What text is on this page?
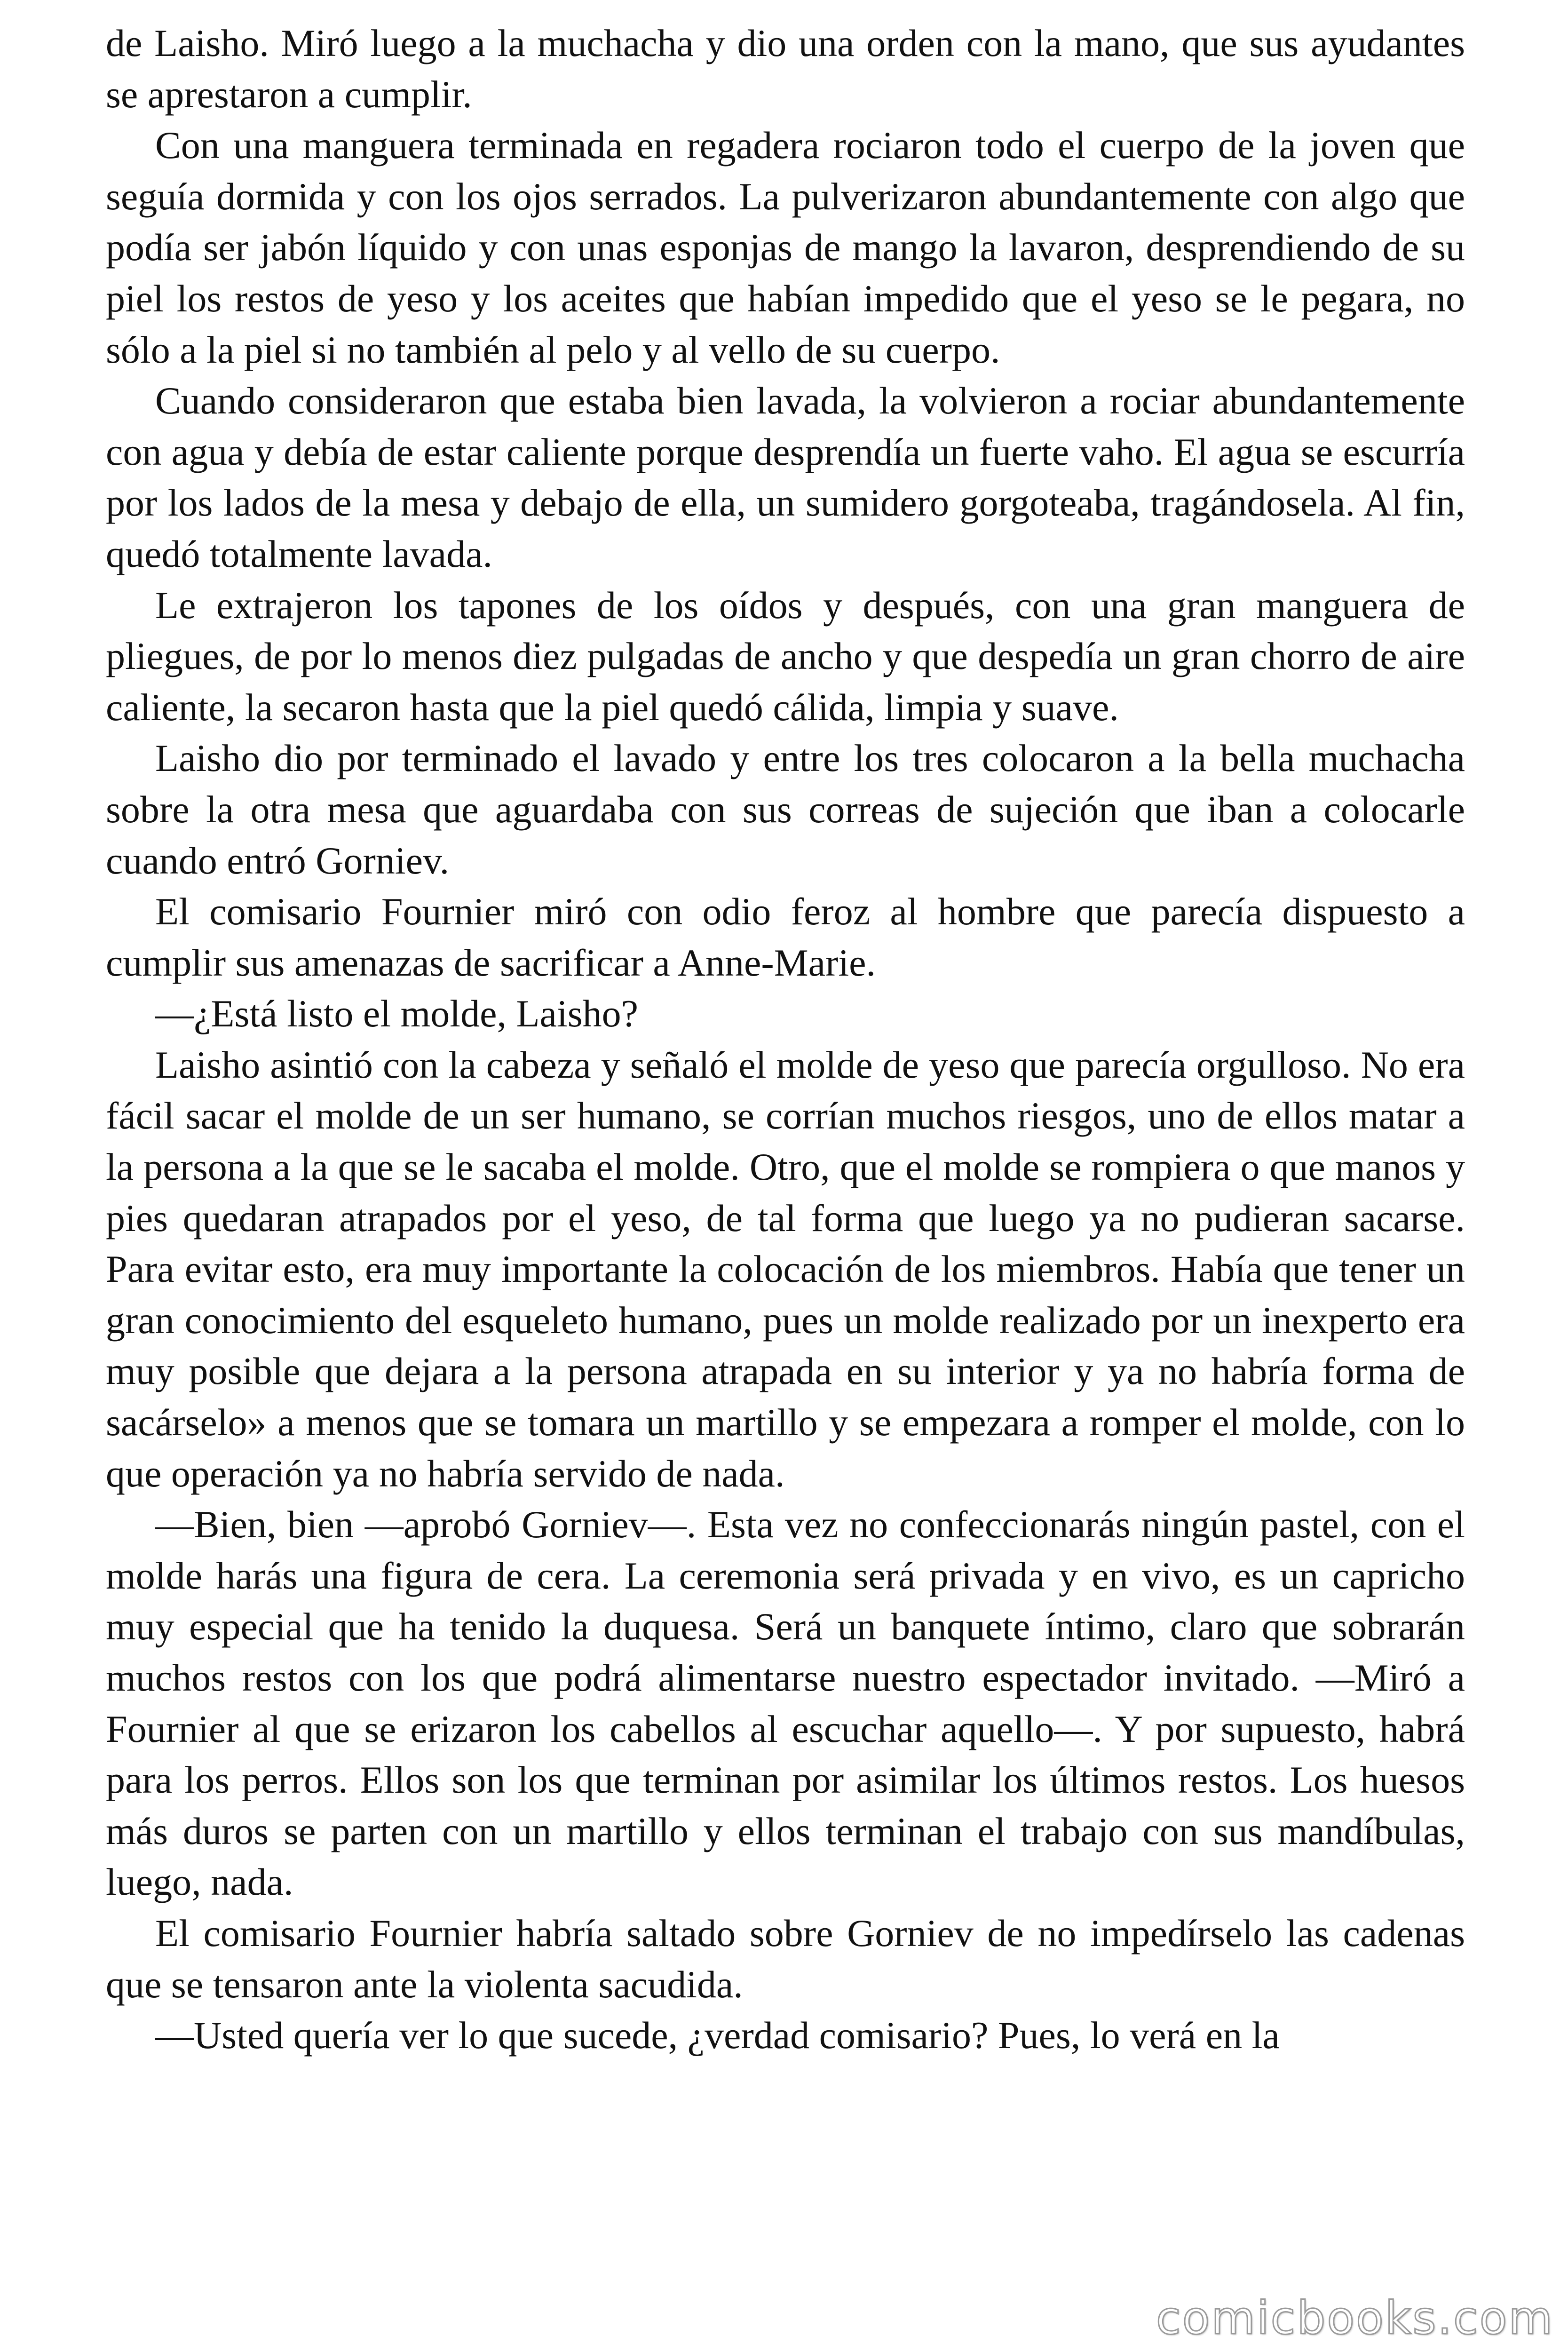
de Laisho. Miró luego a la muchacha y dio una orden con la mano, que sus ayudantes se aprestaron a cumplir.

Con una manguera terminada en regadera rociaron todo el cuerpo de la joven que seguía dormida y con los ojos serrados. La pulverizaron abundantemente con algo que podía ser jabón líquido y con unas esponjas de mango la lavaron, desprendiendo de su piel los restos de yeso y los aceites que habían impedido que el yeso se le pegara, no sólo a la piel si no también al pelo y al vello de su cuerpo.

Cuando consideraron que estaba bien lavada, la volvieron a rociar abundantemente con agua y debía de estar caliente porque desprendía un fuerte vaho. El agua se escurría por los lados de la mesa y debajo de ella, un sumidero gorgoteaba, tragándosela. Al fin, quedó totalmente lavada.

Le extrajeron los tapones de los oídos y después, con una gran manguera de pliegues, de por lo menos diez pulgadas de ancho y que despedía un gran chorro de aire caliente, la secaron hasta que la piel quedó cálida, limpia y suave.

Laisho dio por terminado el lavado y entre los tres colocaron a la bella muchacha sobre la otra mesa que aguardaba con sus correas de sujeción que iban a colocarle cuando entró Gorniev.

El comisario Fournier miró con odio feroz al hombre que parecía dispuesto a cumplir sus amenazas de sacrificar a Anne-Marie.

—¿Está listo el molde, Laisho?

Laisho asintió con la cabeza y señaló el molde de yeso que parecía orgulloso. No era fácil sacar el molde de un ser humano, se corrían muchos riesgos, uno de ellos matar a la persona a la que se le sacaba el molde. Otro, que el molde se rompiera o que manos y pies quedaran atrapados por el yeso, de tal forma que luego ya no pudieran sacarse. Para evitar esto, era muy importante la colocación de los miembros. Había que tener un gran conocimiento del esqueleto humano, pues un molde realizado por un inexperto era muy posible que dejara a la persona atrapada en su interior y ya no habría forma de sacárselo» a menos que se tomara un martillo y se empezara a romper el molde, con lo que operación ya no habría servido de nada.

—Bien, bien —aprobó Gorniev—. Esta vez no confeccionarás ningún pastel, con el molde harás una figura de cera. La ceremonia será privada y en vivo, es un capricho muy especial que ha tenido la duquesa. Será un banquete íntimo, claro que sobrarán muchos restos con los que podrá alimentarse nuestro espectador invitado. —Miró a Fournier al que se erizaron los cabellos al escuchar aquello—. Y por supuesto, habrá para los perros. Ellos son los que terminan por asimilar los últimos restos. Los huesos más duros se parten con un martillo y ellos terminan el trabajo con sus mandíbulas, luego, nada.

El comisario Fournier habría saltado sobre Gorniev de no impedírselo las cadenas que se tensaron ante la violenta sacudida.

—Usted quería ver lo que sucede, ¿verdad comisario? Pues, lo verá en la

comicbooks.com
